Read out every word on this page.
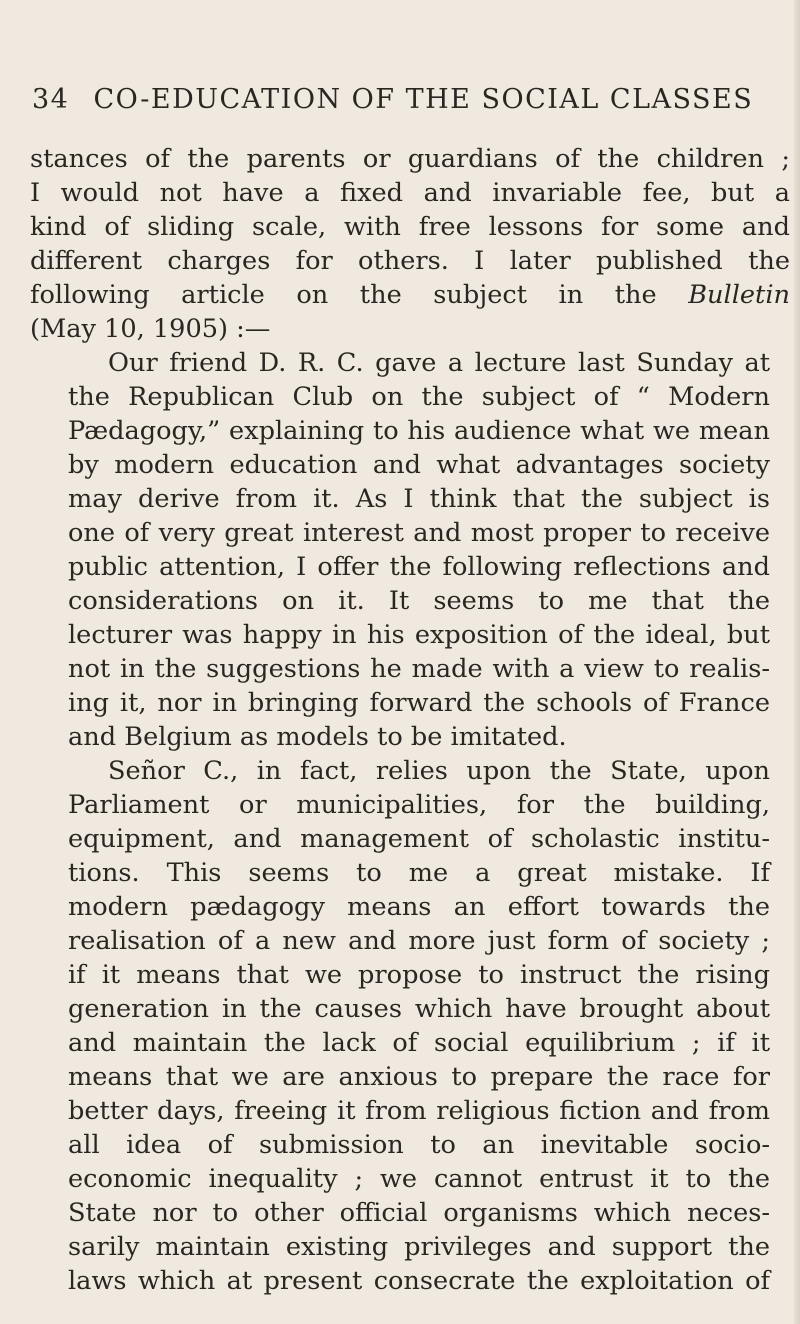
34 CO-EDUCATION OF THE SOCIAL CLASSES
stances of the parents or guardians of the children ;
I would not have a fixed and invariable fee, but a
kind of sliding scale, with free lessons for some and
different charges for others. I later published the
following article on the subject in the Bulletin
(May 10, 1905) :—
Our friend D. R. C. gave a lecture last Sunday at
the Republican Club on the subject of “ Modern
Pædagogy,” explaining to his audience what we mean
by modern education and what advantages society
may derive from it. As I think that the subject is
one of very great interest and most proper to receive
public attention, I offer the following reflections and
considerations on it. It seems to me that the
lecturer was happy in his exposition of the ideal, but
not in the suggestions he made with a view to realis-
ing it, nor in bringing forward the schools of France
and Belgium as models to be imitated.
Señor C., in fact, relies upon the State, upon
Parliament or municipalities, for the building,
equipment, and management of scholastic institu-
tions. This seems to me a great mistake. If
modern pædagogy means an effort towards the
realisation of a new and more just form of society ;
if it means that we propose to instruct the rising
generation in the causes which have brought about
and maintain the lack of social equilibrium ; if it
means that we are anxious to prepare the race for
better days, freeing it from religious fiction and from
all idea of submission to an inevitable socio-
economic inequality ; we cannot entrust it to the
State nor to other official organisms which neces-
sarily maintain existing privileges and support the
laws which at present consecrate the exploitation of
